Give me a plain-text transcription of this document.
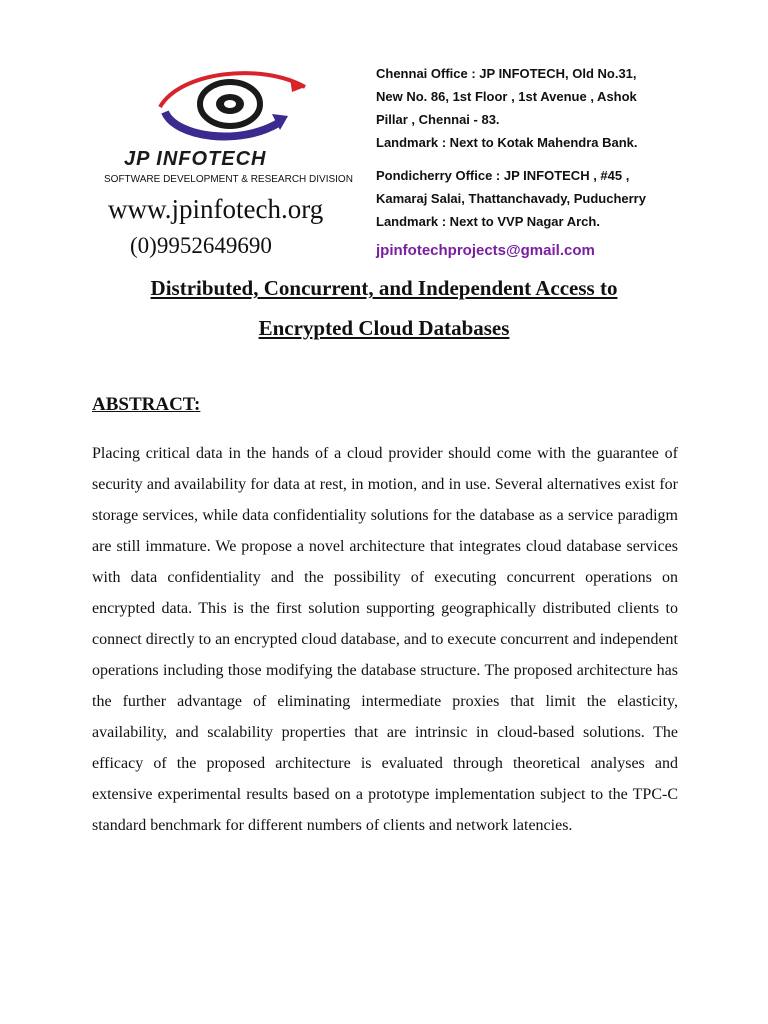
JP INFOTECH
SOFTWARE DEVELOPMENT & RESEARCH DIVISION
www.jpinfotech.org
(0)9952649690

Chennai Office : JP INFOTECH, Old No.31,

New No. 86, 1st Floor , 1st Avenue , Ashok

Pillar , Chennai - 83.

Landmark : Next to Kotak Mahendra Bank.

Pondicherry Office : JP INFOTECH , #45 ,

Kamaraj Salai, Thattanchavady, Puducherry

Landmark : Next to VVP Nagar Arch.

jpinfotechprojects@gmail.com
Distributed, Concurrent, and Independent Access to
Encrypted Cloud Databases
ABSTRACT:

Placing critical data in the hands of a cloud provider should come with the guarantee of security and availability for data at rest, in motion, and in use. Several alternatives exist for storage services, while data confidentiality solutions for the database as a service paradigm are still immature. We propose a novel architecture that integrates cloud database services with data confidentiality and the possibility of executing concurrent operations on encrypted data. This is the first solution supporting geographically distributed clients to connect directly to an encrypted cloud database, and to execute concurrent and independent operations including those modifying the database structure. The proposed architecture has the further advantage of eliminating intermediate proxies that limit the elasticity, availability, and scalability properties that are intrinsic in cloud-based solutions. The efficacy of the proposed architecture is evaluated through theoretical analyses and extensive experimental results based on a prototype implementation subject to the TPC-C standard benchmark for different numbers of clients and network latencies.
